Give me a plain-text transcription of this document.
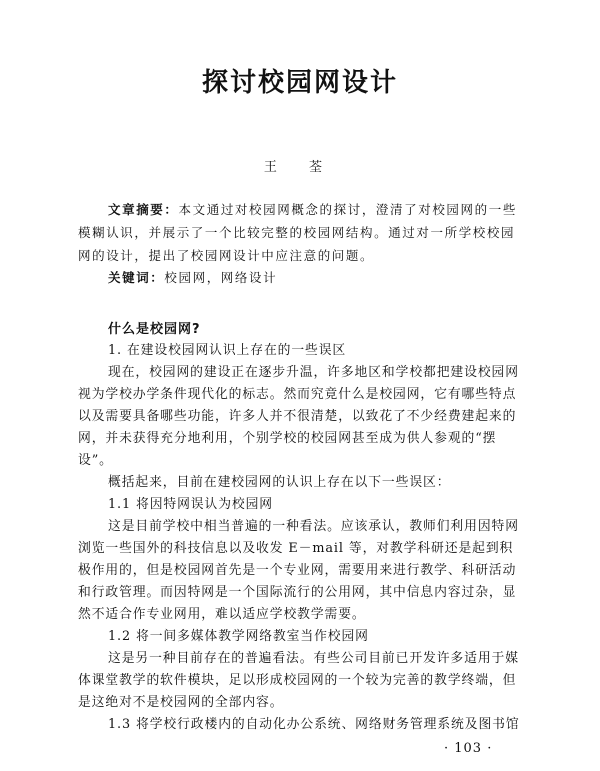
探讨校园网设计
王 荃

文章摘要：本文通过对校园网概念的探讨，澄清了对校园网的一些模糊认识，并展示了一个比较完整的校园网结构。通过对一所学校校园网的设计，提出了校园网设计中应注意的问题。

关键词：校园网，网络设计

什么是校园网?

1. 在建设校园网认识上存在的一些误区

现在，校园网的建设正在逐步升温，许多地区和学校都把建设校园网视为学校办学条件现代化的标志。然而究竟什么是校园网，它有哪些特点以及需要具备哪些功能，许多人并不很清楚，以致花了不少经费建起来的网，并未获得充分地利用，个别学校的校园网甚至成为供人参观的“摆设”。

概括起来，目前在建校园网的认识上存在以下一些误区：

1.1 将因特网误认为校园网

这是目前学校中相当普遍的一种看法。应该承认，教师们利用因特网浏览一些国外的科技信息以及收发 E－mail 等，对教学科研还是起到积极作用的，但是校园网首先是一个专业网，需要用来进行教学、科研活动和行政管理。而因特网是一个国际流行的公用网，其中信息内容过杂，显然不适合作专业网用，难以适应学校教学需要。

1.2 将一间多媒体教学网络教室当作校园网

这是另一种目前存在的普遍看法。有些公司目前已开发许多适用于媒体课堂教学的软件模块，足以形成校园网的一个较为完善的教学终端，但是这绝对不是校园网的全部内容。

1.3 将学校行政楼内的自动化办公系统、网络财务管理系统及图书馆

· 103 ·
